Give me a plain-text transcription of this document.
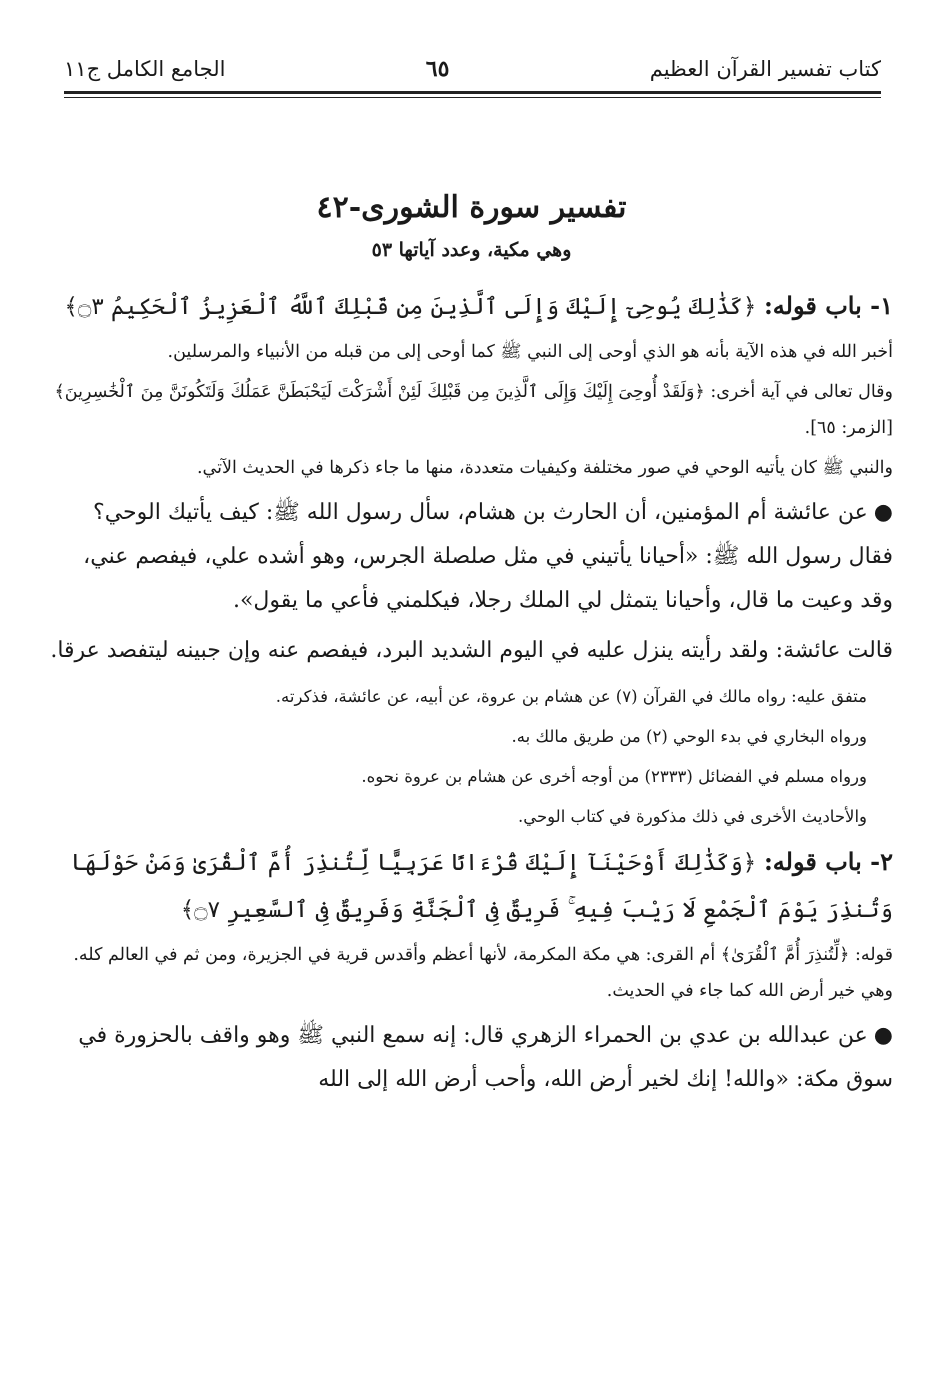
كتاب تفسير القرآن العظيم
٦٥
الجامع الكامل ج١١
تفسير سورة الشورى-٤٢
وهي مكية، وعدد آياتها ٥٣

١- باب قوله: ﴿كَذَٰلِكَ يُوحِىٓ إِلَيْكَ وَإِلَى ٱلَّذِينَ مِن قَبْلِكَ ٱللَّهُ ٱلْعَزِيزُ ٱلْحَكِيمُ ۝٣﴾

أخبر الله في هذه الآية بأنه هو الذي أوحى إلى النبي ﷺ كما أوحى إلى من قبله من الأنبياء والمرسلين.

وقال تعالى في آية أخرى: ﴿وَلَقَدْ أُوحِىَ إِلَيْكَ وَإِلَى ٱلَّذِينَ مِن قَبْلِكَ لَئِنْ أَشْرَكْتَ لَيَحْبَطَنَّ عَمَلُكَ وَلَتَكُونَنَّ مِنَ ٱلْخَٰسِرِينَ﴾ [الزمر: ٦٥].

والنبي ﷺ كان يأتيه الوحي في صور مختلفة وكيفيات متعددة، منها ما جاء ذكرها في الحديث الآتي.

●عن عائشة أم المؤمنين، أن الحارث بن هشام، سأل رسول الله ﷺ: كيف يأتيك الوحي؟ فقال رسول الله ﷺ: «أحيانا يأتيني في مثل صلصلة الجرس، وهو أشده علي، فيفصم عني، وقد وعيت ما قال، وأحيانا يتمثل لي الملك رجلا، فيكلمني فأعي ما يقول».

قالت عائشة: ولقد رأيته ينزل عليه في اليوم الشديد البرد، فيفصم عنه وإن جبينه ليتفصد عرقا.

متفق عليه: رواه مالك في القرآن (٧) عن هشام بن عروة، عن أبيه، عن عائشة، فذكرته.

ورواه البخاري في بدء الوحي (٢) من طريق مالك به.

ورواه مسلم في الفضائل (٢٣٣٣) من أوجه أخرى عن هشام بن عروة نحوه.

والأحاديث الأخرى في ذلك مذكورة في كتاب الوحي.

٢- باب قوله: ﴿وَكَذَٰلِكَ أَوْحَيْنَآ إِلَيْكَ قُرْءَانًا عَرَبِيًّا لِّتُنذِرَ أُمَّ ٱلْقُرَىٰ وَمَنْ حَوْلَهَا وَتُنذِرَ يَوْمَ ٱلْجَمْعِ لَا رَيْبَ فِيهِ ۚ فَرِيقٌ فِى ٱلْجَنَّةِ وَفَرِيقٌ فِى ٱلسَّعِيرِ ۝٧﴾

قوله: ﴿لِّتُنذِرَ أُمَّ ٱلْقُرَىٰ﴾ أم القرى: هي مكة المكرمة، لأنها أعظم وأقدس قرية في الجزيرة، ومن ثم في العالم كله. وهي خير أرض الله كما جاء في الحديث.

●عن عبدالله بن عدي بن الحمراء الزهري قال: إنه سمع النبي ﷺ وهو واقف بالحزورة في سوق مكة: «والله! إنك لخير أرض الله، وأحب أرض الله إلى الله
